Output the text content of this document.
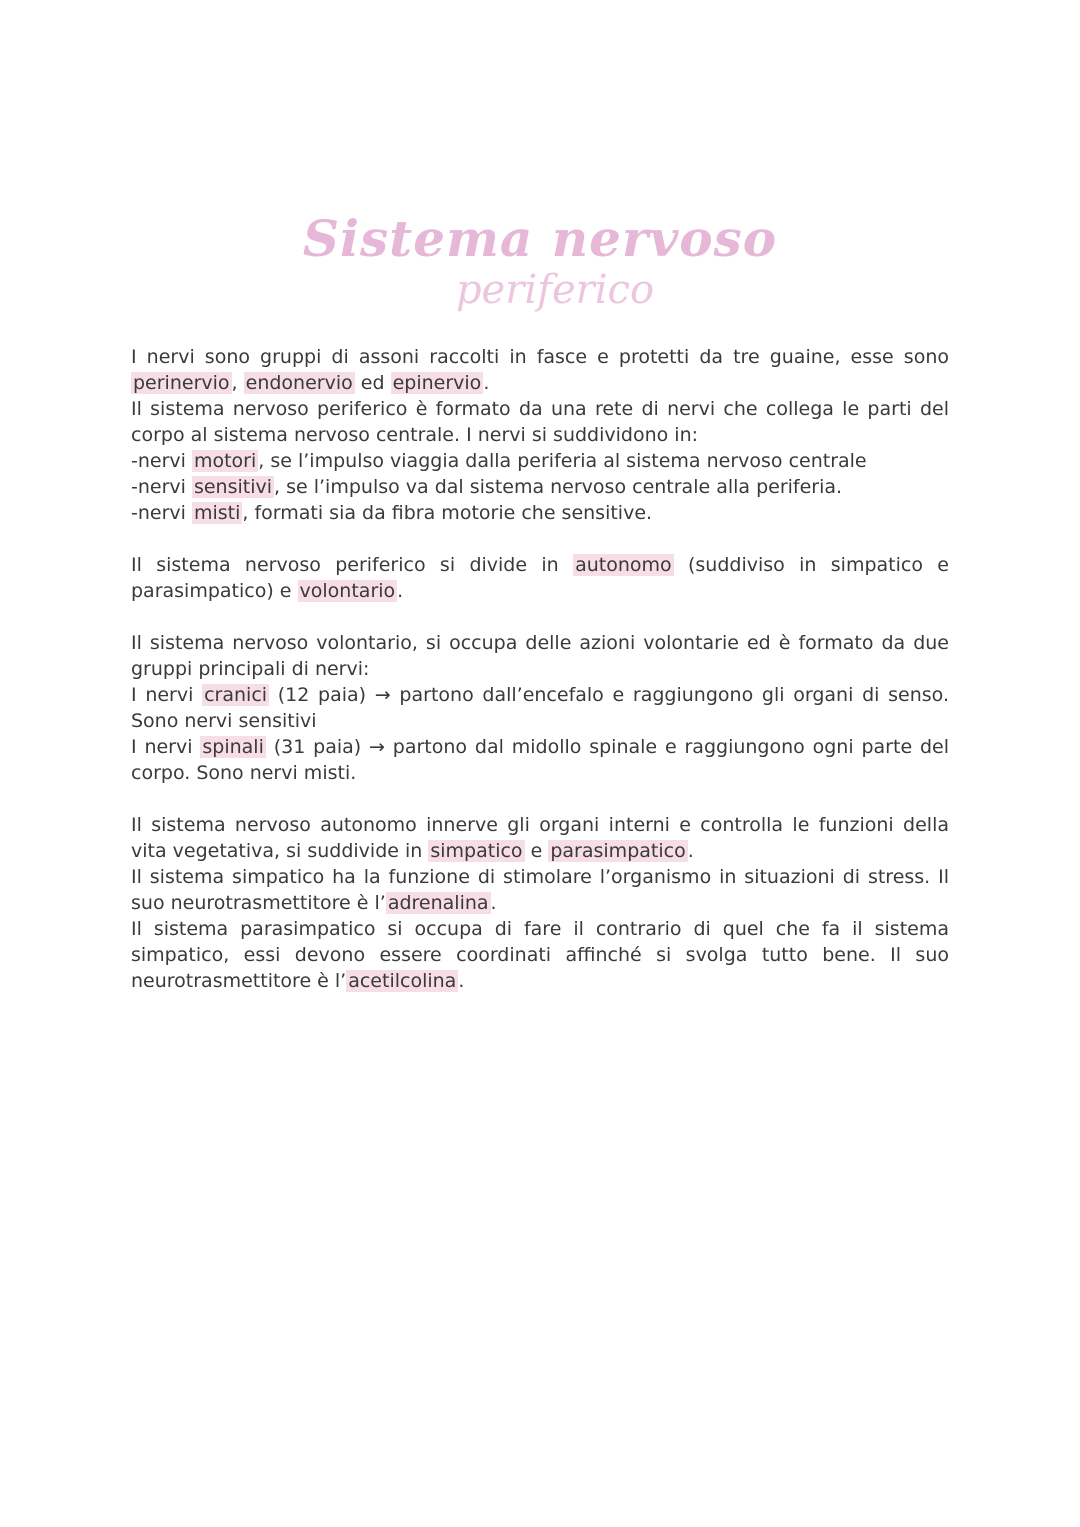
Sistema nervoso
periferico

I nervi sono gruppi di assoni raccolti in fasce e protetti da tre guaine, esse sono perinervio , endonervio ed epinervio .

Il sistema nervoso periferico è formato da una rete di nervi che collega le parti del corpo al sistema nervoso centrale. I nervi si suddividono in:

-nervi motori , se l’impulso viaggia dalla periferia al sistema nervoso centrale

-nervi sensitivi , se l’impulso va dal sistema nervoso centrale alla periferia.

-nervi misti , formati sia da fibra motorie che sensitive.

Il sistema nervoso periferico si divide in autonomo (suddiviso in simpatico e parasimpatico) e volontario .

Il sistema nervoso volontario, si occupa delle azioni volontarie ed è formato da due gruppi principali di nervi:

I nervi cranici (12 paia) → partono dall’encefalo e raggiungono gli organi di senso. Sono nervi sensitivi

I nervi spinali (31 paia) → partono dal midollo spinale e raggiungono ogni parte del corpo. Sono nervi misti.

Il sistema nervoso autonomo innerve gli organi interni e controlla le funzioni della vita vegetativa, si suddivide in simpatico e parasimpatico .

Il sistema simpatico ha la funzione di stimolare l’organismo in situazioni di stress. Il suo neurotrasmettitore è l’ adrenalina .

Il sistema parasimpatico si occupa di fare il contrario di quel che fa il sistema simpatico, essi devono essere coordinati affinché si svolga tutto bene. Il suo neurotrasmettitore è l’ acetilcolina .
